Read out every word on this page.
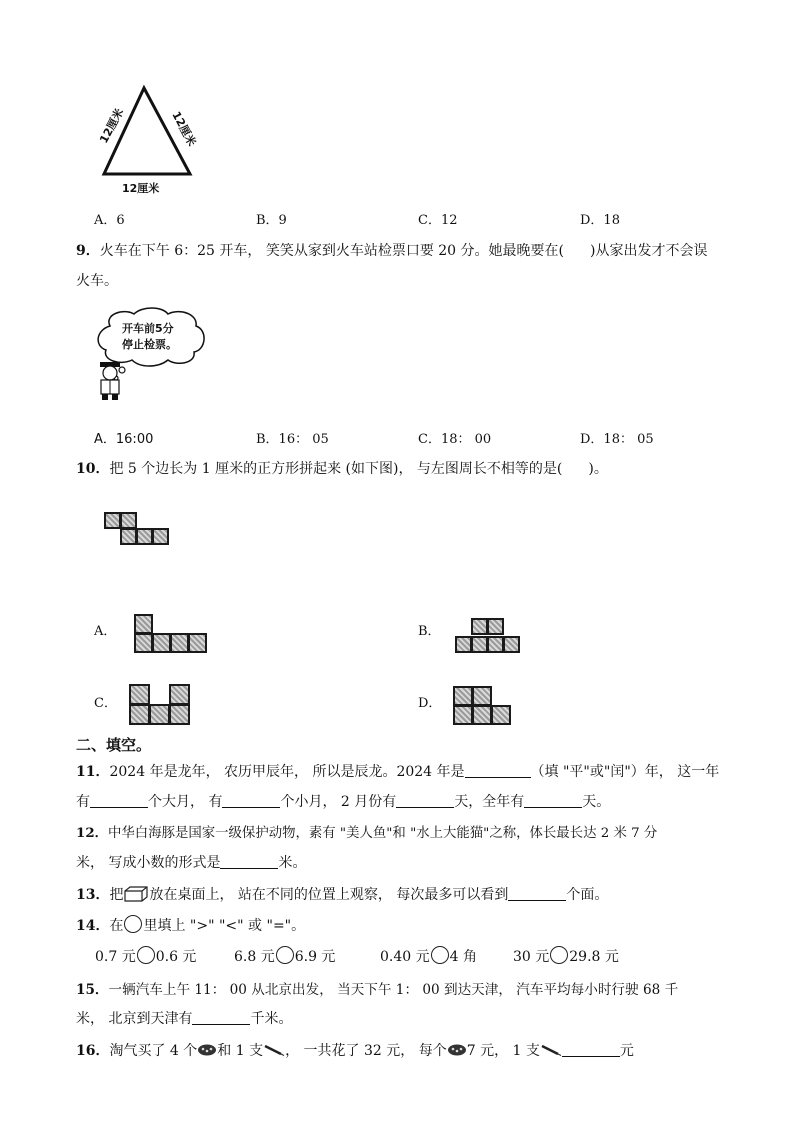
12厘米	12厘米
12厘米
A．6	B．9	C．12	D．18
9．火车在下午 6：25 开车， 笑笑从家到火车站检票口要 20 分。她最晚要在( )从家出发才不会误
火车。
开车前5分
停止检票。
A．16:00	B．16： 05	C．18： 00	D．18： 05
10．把 5 个边长为 1 厘米的正方形拼起来 (如下图)， 与左图周长不相等的是( )。
A．	B．
C．	D．
二、填空。
11．2024 年是龙年， 农历甲辰年， 所以是辰龙。2024 年是	（填 "平"或"闰"）年， 这一年
有	个大月， 有	个小月， 2 月份有	天，全年有	天。
12．中华白海豚是国家一级保护动物，素有 "美人鱼"和 "水上大能猫"之称，体长最长达 2 米 7 分
米， 写成小数的形式是	米。
13．把 放在桌面上， 站在不同的位置上观察， 每次最多可以看到	个面。
14．在 里填上 ">" "<" 或 "="。
0.7 元 0.6 元	6.8 元 6.9 元	0.40 元 4 角	30 元 29.8 元
15．一辆汽车上午 11： 00 从北京出发， 当天下午 1： 00 到达天津， 汽车平均每小时行驶 68 千
米， 北京到天津有	千米。
16．淘气买了 4 个 和 1 支 ， 一共花了 32 元， 每个 7 元， 1 支	元
